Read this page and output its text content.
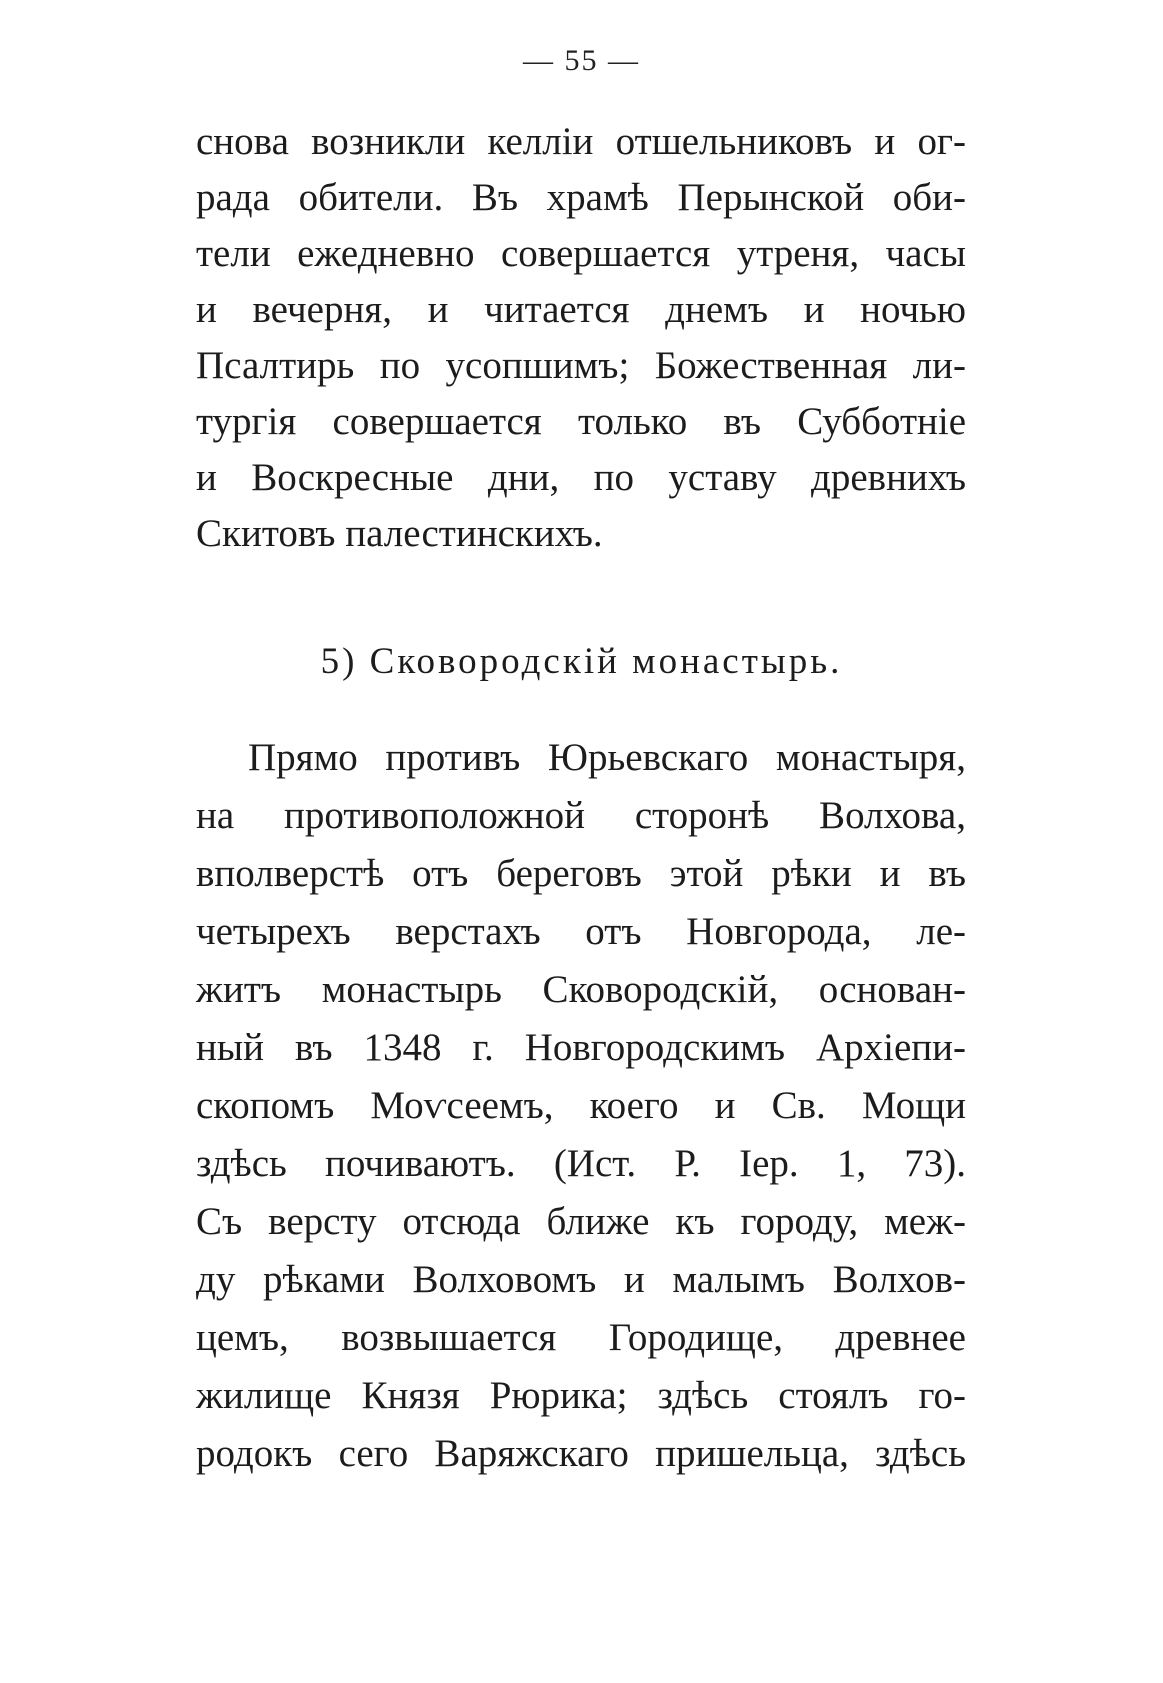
— 55 —
снова возникли келліи отшельниковъ и ог-
рада обители. Въ храмѣ Перынской оби-
тели ежедневно совершается утреня, часы
и вечерня, и читается днемъ и ночью
Псалтирь по усопшимъ; Божественная ли-
тургія совершается только въ Субботніе
и Воскресные дни, по уставу древнихъ
Скитовъ палестинскихъ.
5) Сковородскій монастырь.
Прямо противъ Юрьевскаго монастыря,
на противоположной сторонѣ Волхова,
вполверстѣ отъ береговъ этой рѣки и въ
четырехъ верстахъ отъ Новгорода, ле-
житъ монастырь Сковородскій, основан-
ный въ 1348 г. Новгородскимъ Архіепи-
скопомъ Моѵсеемъ, коего и Св. Мощи
здѣсь почиваютъ. (Ист. Р. Іер. 1, 73).
Съ версту отсюда ближе къ городу, меж-
ду рѣками Волховомъ и малымъ Волхов-
цемъ, возвышается Городище, древнее
жилище Князя Рюрика; здѣсь стоялъ го-
родокъ сего Варяжскаго пришельца, здѣсь
